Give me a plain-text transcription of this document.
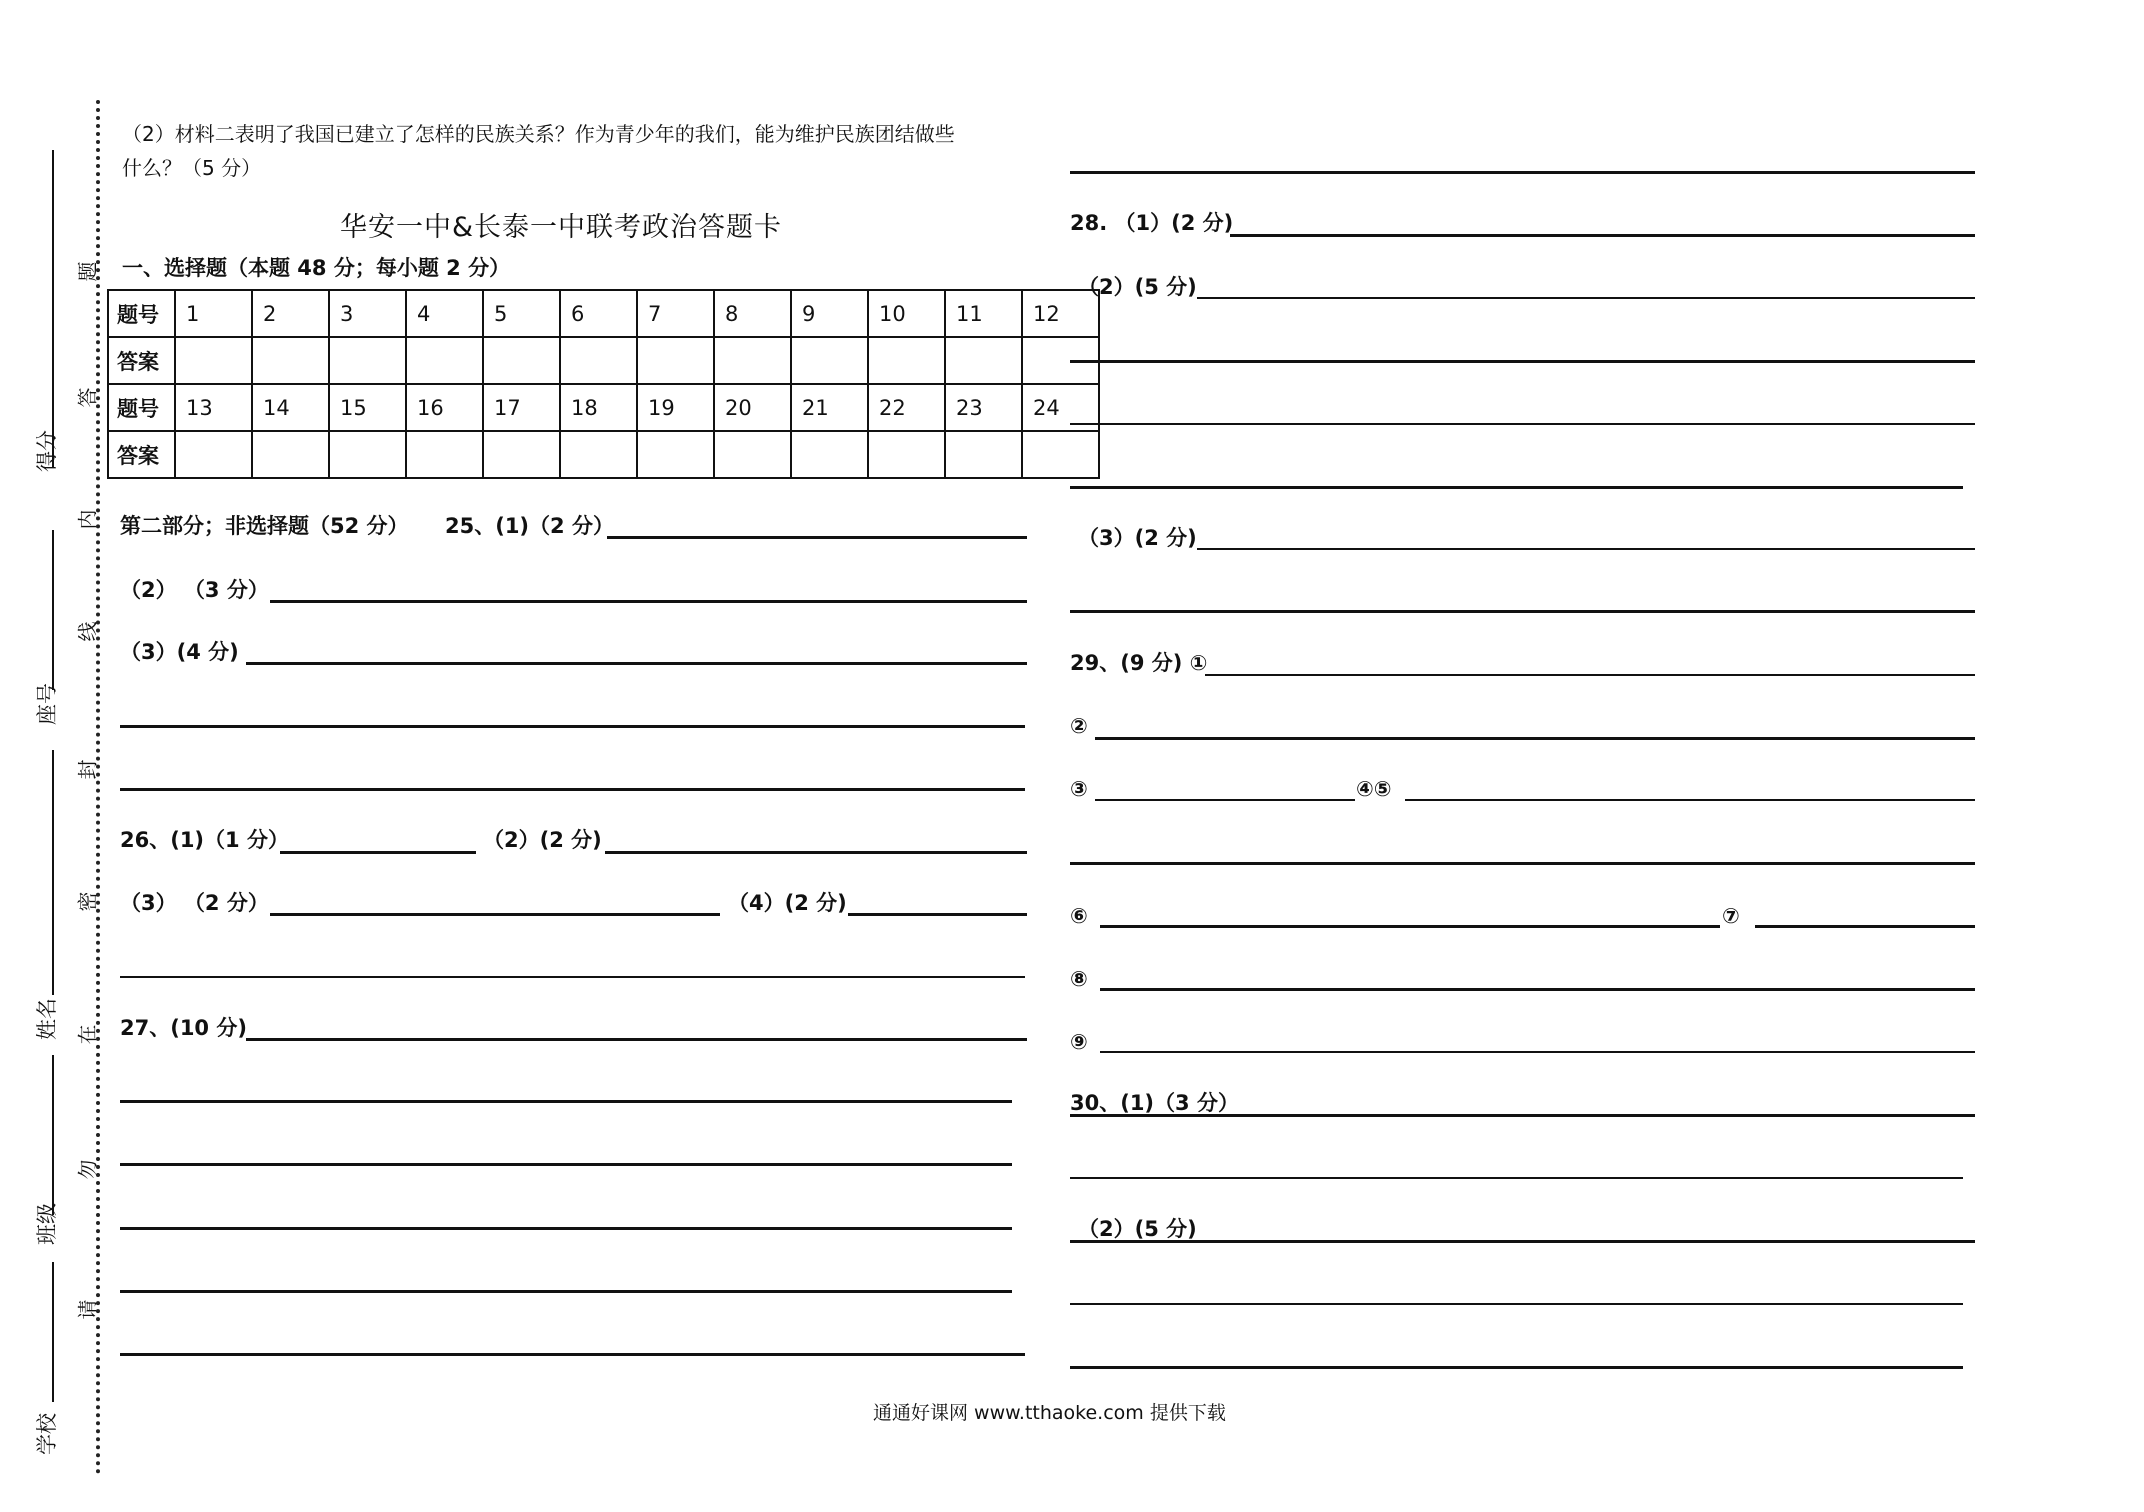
得分
座号
姓名
班级
学校
题
答
内
线
封
密
在
勿
请
（2）材料二表明了我国已建立了怎样的民族关系？作为青少年的我们，能为维护民族团结做些
什么？（5 分）
华安一中&长泰一中联考政治答题卡
一、选择题（本题 48 分；每小题 2 分）
题号	1	2	3	4	5	6	7	8	9	10	11	12
答案												
题号	13	14	15	16	17	18	19	20	21	22	23	24
答案												
第二部分；非选择题（52 分） 25、(1)（2 分）
（2） （3 分）
（3）(4 分)
26、(1)（1 分）	（2）(2 分)
（3） （2 分）	（4）(2 分)
27、(10 分)
28. （1）(2 分)
（2）(5 分)
（3）(2 分)
29、(9 分) ①
②
③	④⑤
⑥	⑦
⑧
⑨
30、(1)（3 分）
（2）(5 分)
通通好课网 www.tthaoke.com 提供下载
